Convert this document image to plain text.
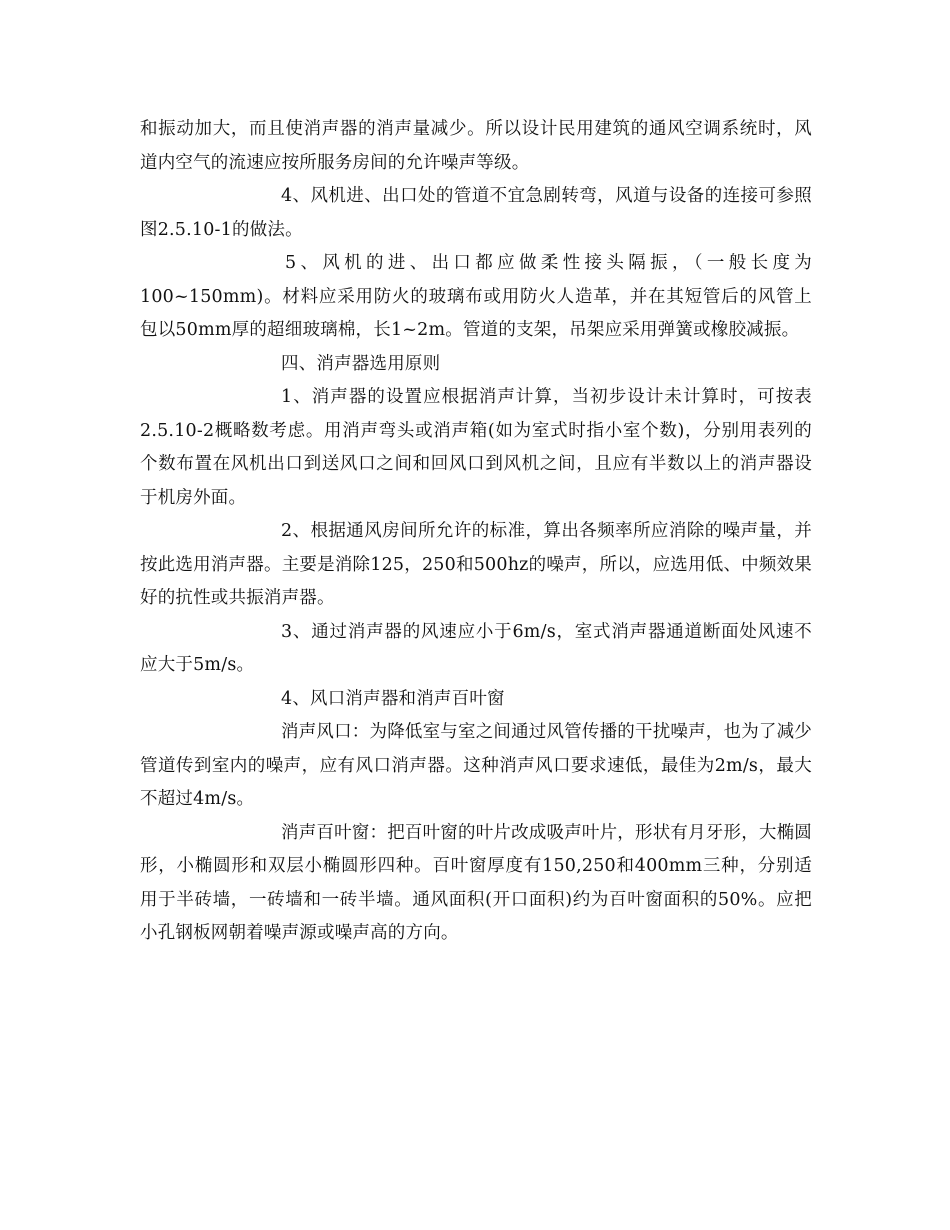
和振动加大，而且使消声器的消声量减少。所以设计民用建筑的通风空调系统时，风道内空气的流速应按所服务房间的允许噪声等级。

4、风机进、出口处的管道不宜急剧转弯，风道与设备的连接可参照图2.5.10-1的做法。

5、风机的进、出口都应做柔性接头隔振，（一般长度为100~150mm)。材料应采用防火的玻璃布或用防火人造革，并在其短管后的风管上包以50mm厚的超细玻璃棉，长1~2m。管道的支架，吊架应采用弹簧或橡胶减振。

四、消声器选用原则

1、消声器的设置应根据消声计算，当初步设计未计算时，可按表2.5.10-2概略数考虑。用消声弯头或消声箱(如为室式时指小室个数)，分别用表列的个数布置在风机出口到送风口之间和回风口到风机之间，且应有半数以上的消声器设于机房外面。

2、根据通风房间所允许的标准，算出各频率所应消除的噪声量，并按此选用消声器。主要是消除125，250和500hz的噪声，所以，应选用低、中频效果好的抗性或共振消声器。

3、通过消声器的风速应小于6m/s，室式消声器通道断面处风速不应大于5m/s。

4、风口消声器和消声百叶窗

消声风口：为降低室与室之间通过风管传播的干扰噪声，也为了减少管道传到室内的噪声，应有风口消声器。这种消声风口要求速低，最佳为2m/s，最大不超过4m/s。

消声百叶窗：把百叶窗的叶片改成吸声叶片，形状有月牙形，大椭圆形，小椭圆形和双层小椭圆形四种。百叶窗厚度有150,250和400mm三种，分别适用于半砖墙，一砖墙和一砖半墙。通风面积(开口面积)约为百叶窗面积的50%。应把小孔钢板网朝着噪声源或噪声高的方向。
